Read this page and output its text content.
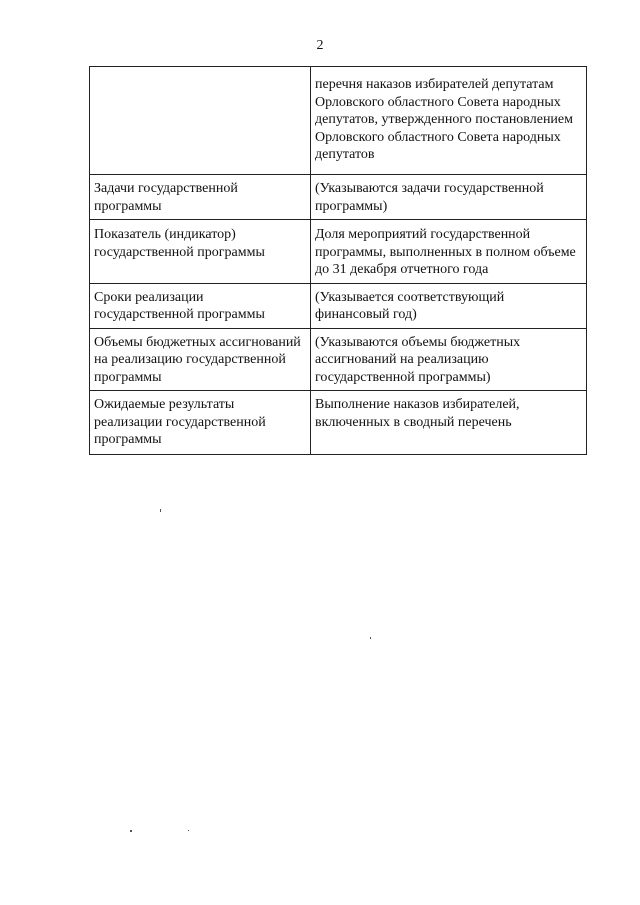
2
	перечня наказов избирателей депутатам Орловского областного Совета народных депутатов, утвержденного постановлением Орловского областного Совета народных депутатов
Задачи государственной программы	(Указываются задачи государственной программы)
Показатель (индикатор) государственной программы	Доля мероприятий государственной программы, выполненных в полном объеме до 31 декабря отчетного года
Сроки реализации государственной программы	(Указывается соответствующий финансовый год)
Объемы бюджетных ассигнований на реализацию государственной программы	(Указываются объемы бюджетных ассигнований на реализацию государственной программы)
Ожидаемые результаты реализации государственной программы	Выполнение наказов избирателей, включенных в сводный перечень
